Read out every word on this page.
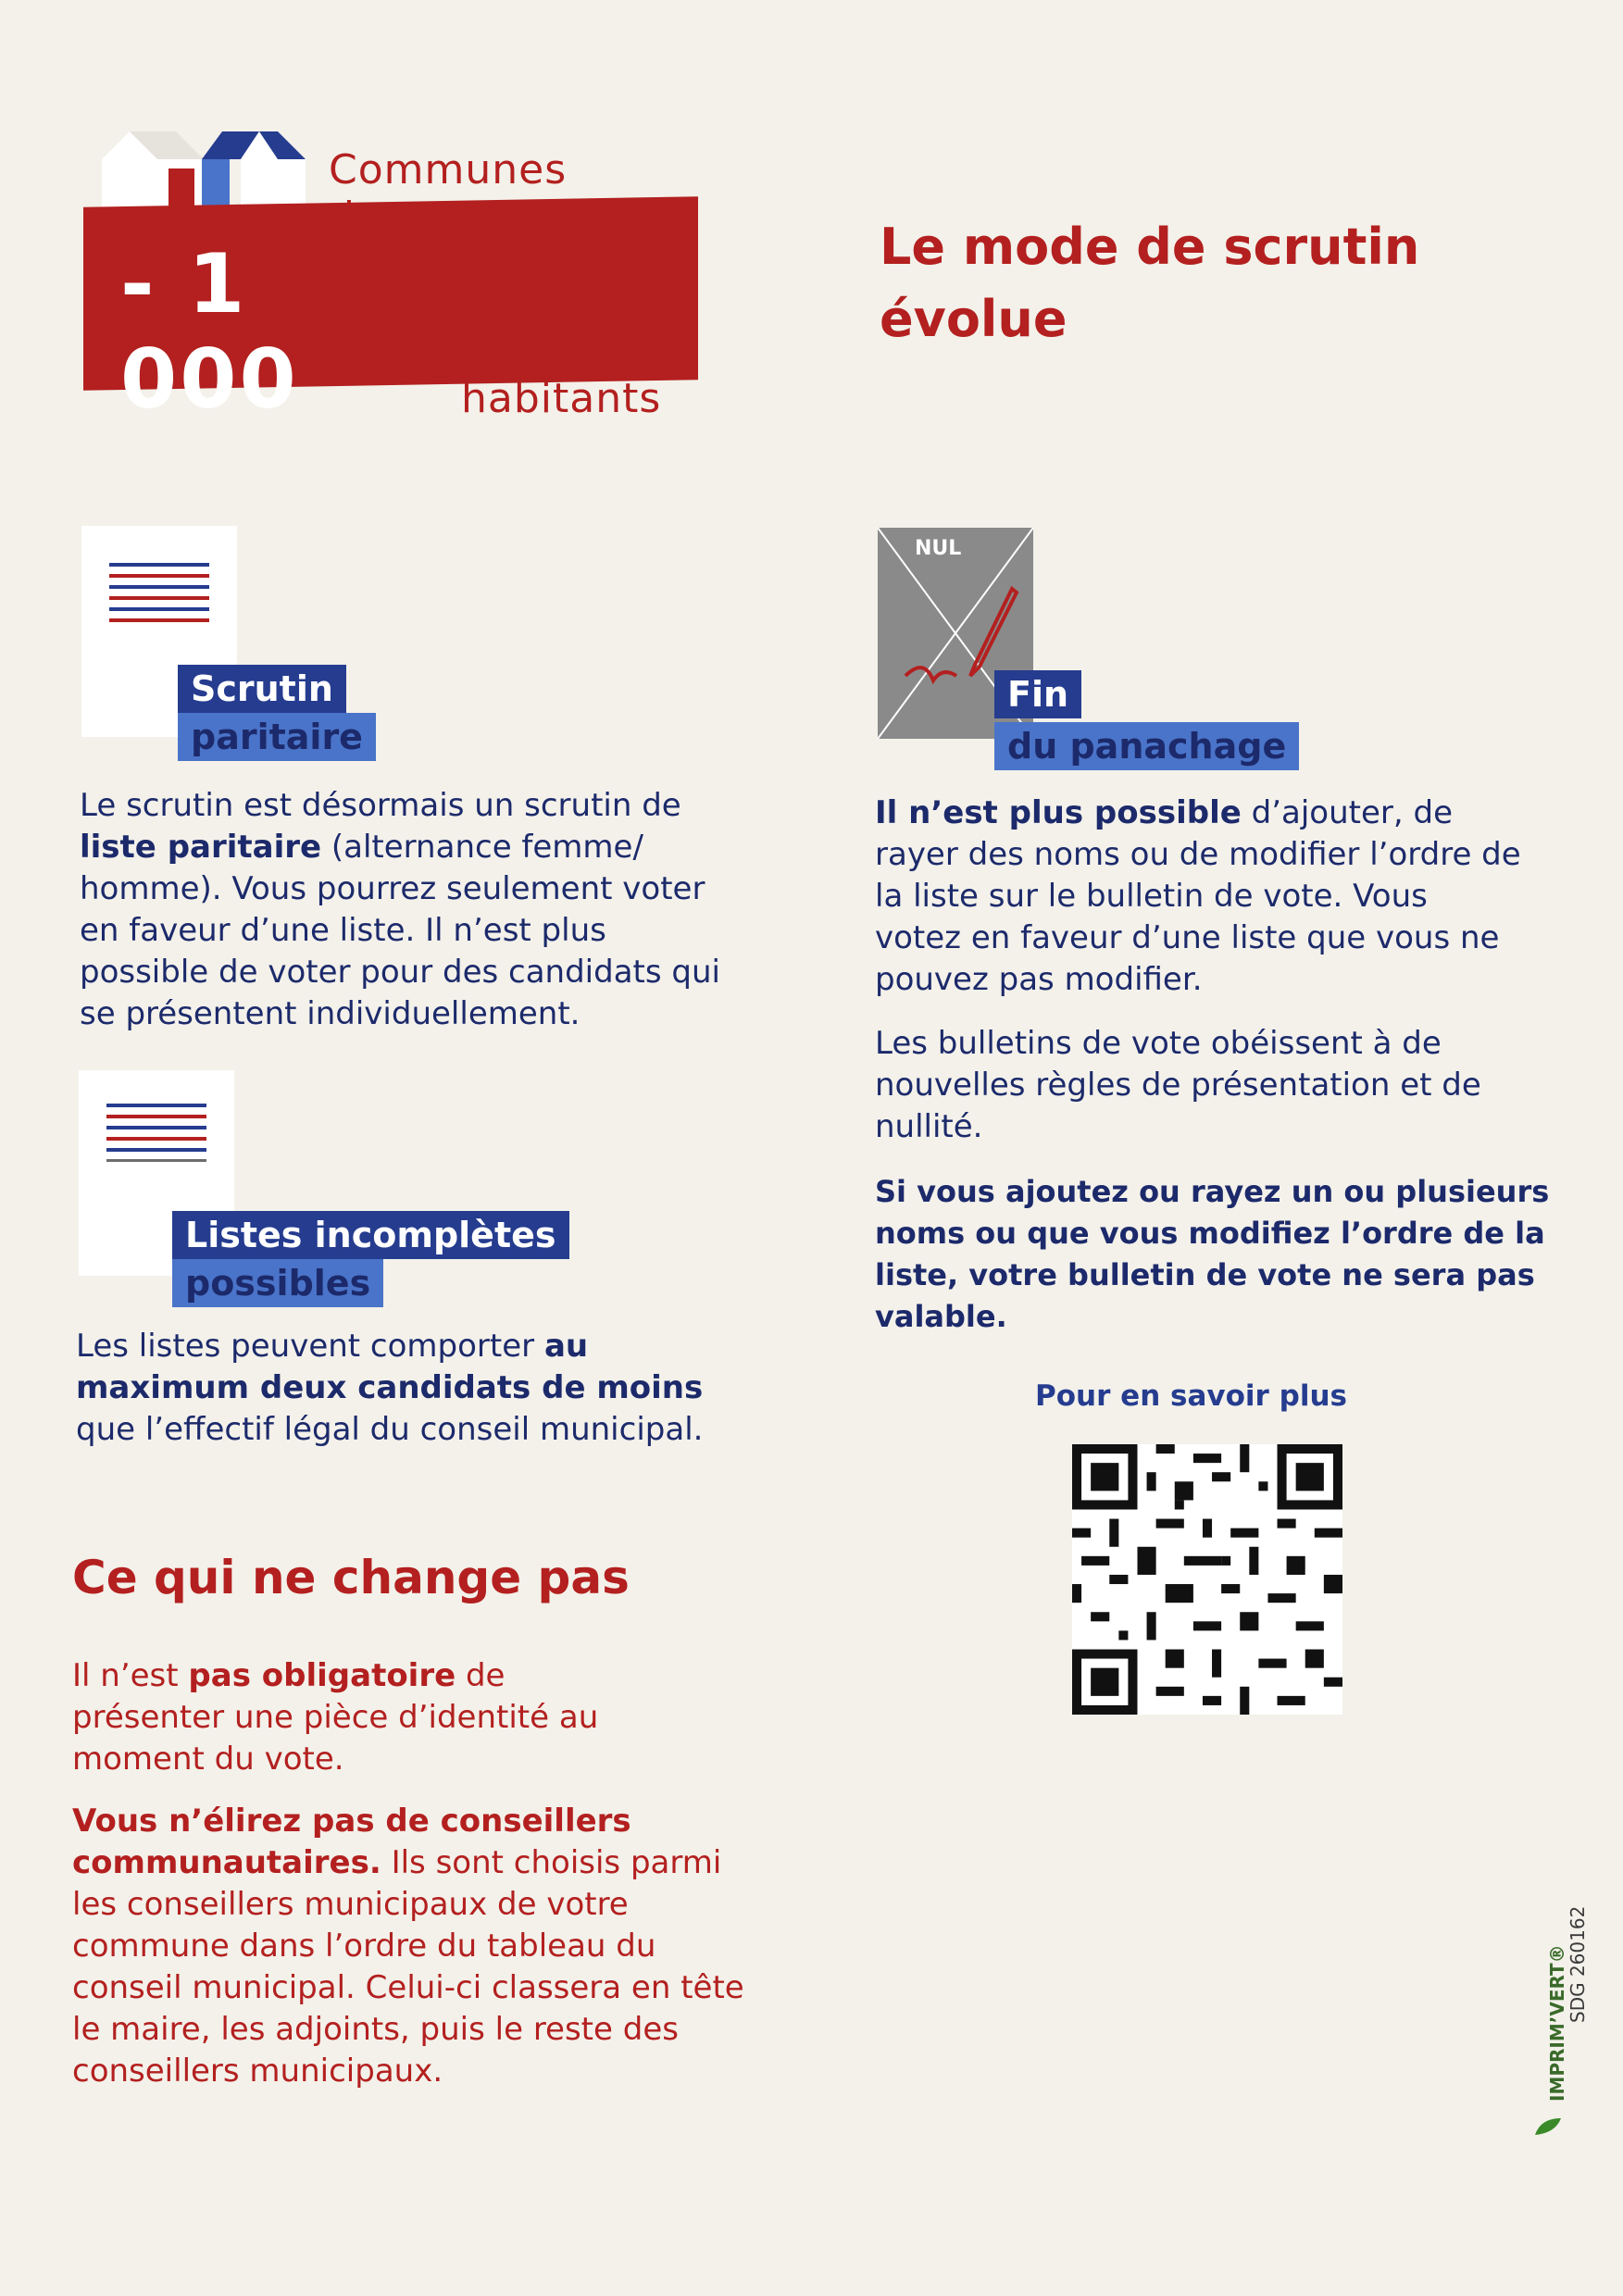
Communes de
- 1 000	habitants
Le mode de scrutin évolue
Scrutin
paritaire
Le scrutin est désormais un scrutin de liste paritaire (alternance femme/ homme). Vous pourrez seulement voter en faveur d’une liste. Il n’est plus possible de voter pour des candidats qui se présentent individuellement.
Listes incomplètes
possibles
Les listes peuvent comporter au maximum deux candidats de moins que l’effectif légal du conseil municipal.
NUL
Fin
du panachage
Il n’est plus possible d’ajouter, de rayer des noms ou de modifier l’ordre de la liste sur le bulletin de vote. Vous votez en faveur d’une liste que vous ne pouvez pas modifier.
Les bulletins de vote obéissent à de nouvelles règles de présentation et de nullité.
Si vous ajoutez ou rayez un ou plusieurs noms ou que vous modifiez l’ordre de la liste, votre bulletin de vote ne sera pas valable.
Pour en savoir plus
Ce qui ne change pas
Il n’est pas obligatoire de présenter une pièce d’identité au moment du vote.
Vous n’élirez pas de conseillers communautaires. Ils sont choisis parmi les conseillers municipaux de votre commune dans l’ordre du tableau du conseil municipal. Celui-ci classera en tête le maire, les adjoints, puis le reste des conseillers municipaux.	IMPRIM’VERT®
SDG 260162
